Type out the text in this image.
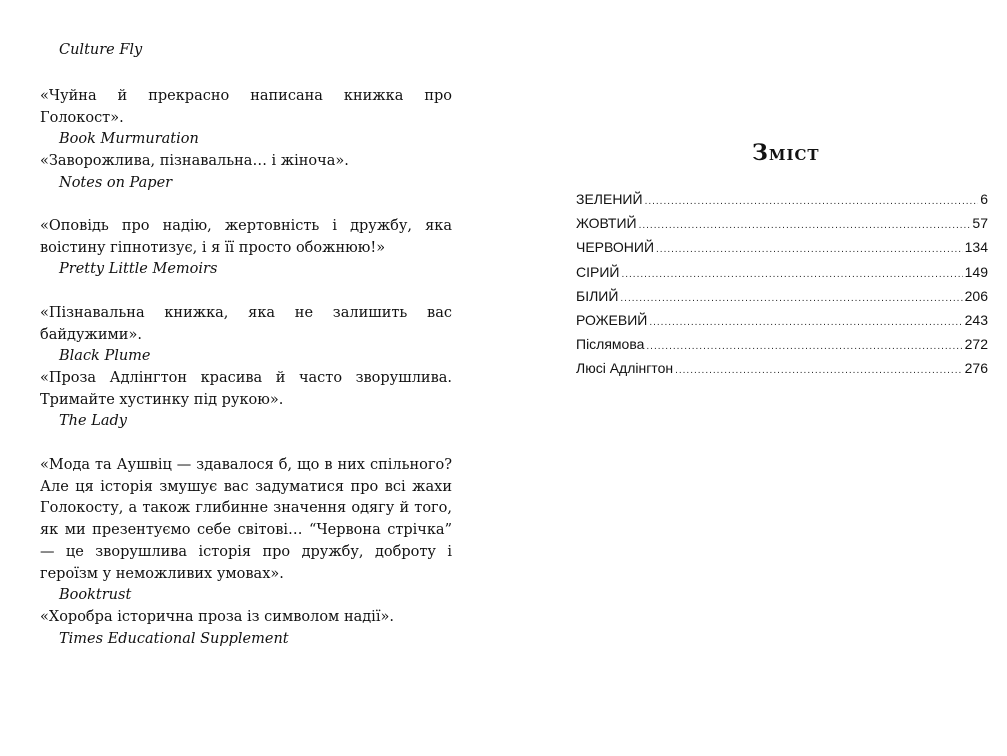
Culture Fly

«Чуйна й прекрасно написана книжка про Голокост».

Book Murmuration

«Заворожлива, пізнавальна… і жіноча».

Notes on Paper

«Оповідь про надію, жертовність і дружбу, яка воістину гіпнотизує, і я її просто обожнюю!»

Pretty Little Memoirs

«Пізнавальна книжка, яка не залишить вас байдужими».

Black Plume

«Проза Адлінгтон красива й часто зворушлива. Тримайте хустинку під рукою».

The Lady

«Мода та Аушвіц — здавалося б, що в них спільного? Але ця історія змушує вас задуматися про всі жахи Голокосту, а також глибинне значення одягу й того, як ми презентуємо себе світові… “Червона стрічка” — це зворушлива історія про дружбу, доброту і героїзм у неможливих умовах».

Booktrust

«Хоробра історична проза із символом надії».

Times Educational Supplement

Зміст
ЗЕЛЕНИЙ .....	6
ЖОВТИЙ .....	57
ЧЕРВОНИЙ .....	134
СІРИЙ .....	149
БІЛИЙ .....	206
РОЖЕВИЙ .....	243
Післямова .....	272
Люсі Адлінгтон .....	276
